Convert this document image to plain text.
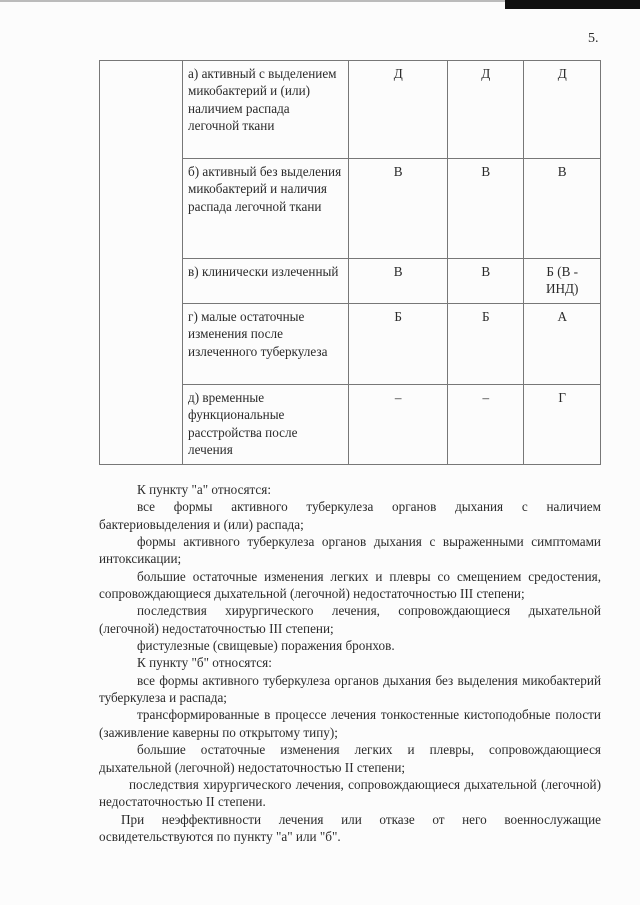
5.
	а) активный с выделением микобактерий и (или) наличием распада легочной ткани	Д	Д	Д
	б) активный без выделения микобактерий и наличия распада легочной ткани	В	В	В
	в) клинически излеченный	В	В	Б (В - ИНД)
	г) малые остаточные изменения после излеченного туберкулеза	Б	Б	А
	д) временные функциональные расстройства после лечения	–	–	Г

К пункту "а" относятся:

все формы активного туберкулеза органов дыхания с наличием бактериовыделения и (или) распада;

формы активного туберкулеза органов дыхания с выраженными симптомами интоксикации;

большие остаточные изменения легких и плевры со смещением средостения, сопровождающиеся дыхательной (легочной) недостаточностью III степени;

последствия хирургического лечения, сопровождающиеся дыхательной (легочной) недостаточностью III степени;

фистулезные (свищевые) поражения бронхов.

К пункту "б" относятся:

все формы активного туберкулеза органов дыхания без выделения микобактерий туберкулеза и распада;

трансформированные в процессе лечения тонкостенные кистоподобные полости (заживление каверны по открытому типу);

большие остаточные изменения легких и плевры, сопровождающиеся дыхательной (легочной) недостаточностью II степени;

последствия хирургического лечения, сопровождающиеся дыхательной (легочной) недостаточностью II степени.

При неэффективности лечения или отказе от него военнослужащие освидетельствуются по пункту "а" или "б".
